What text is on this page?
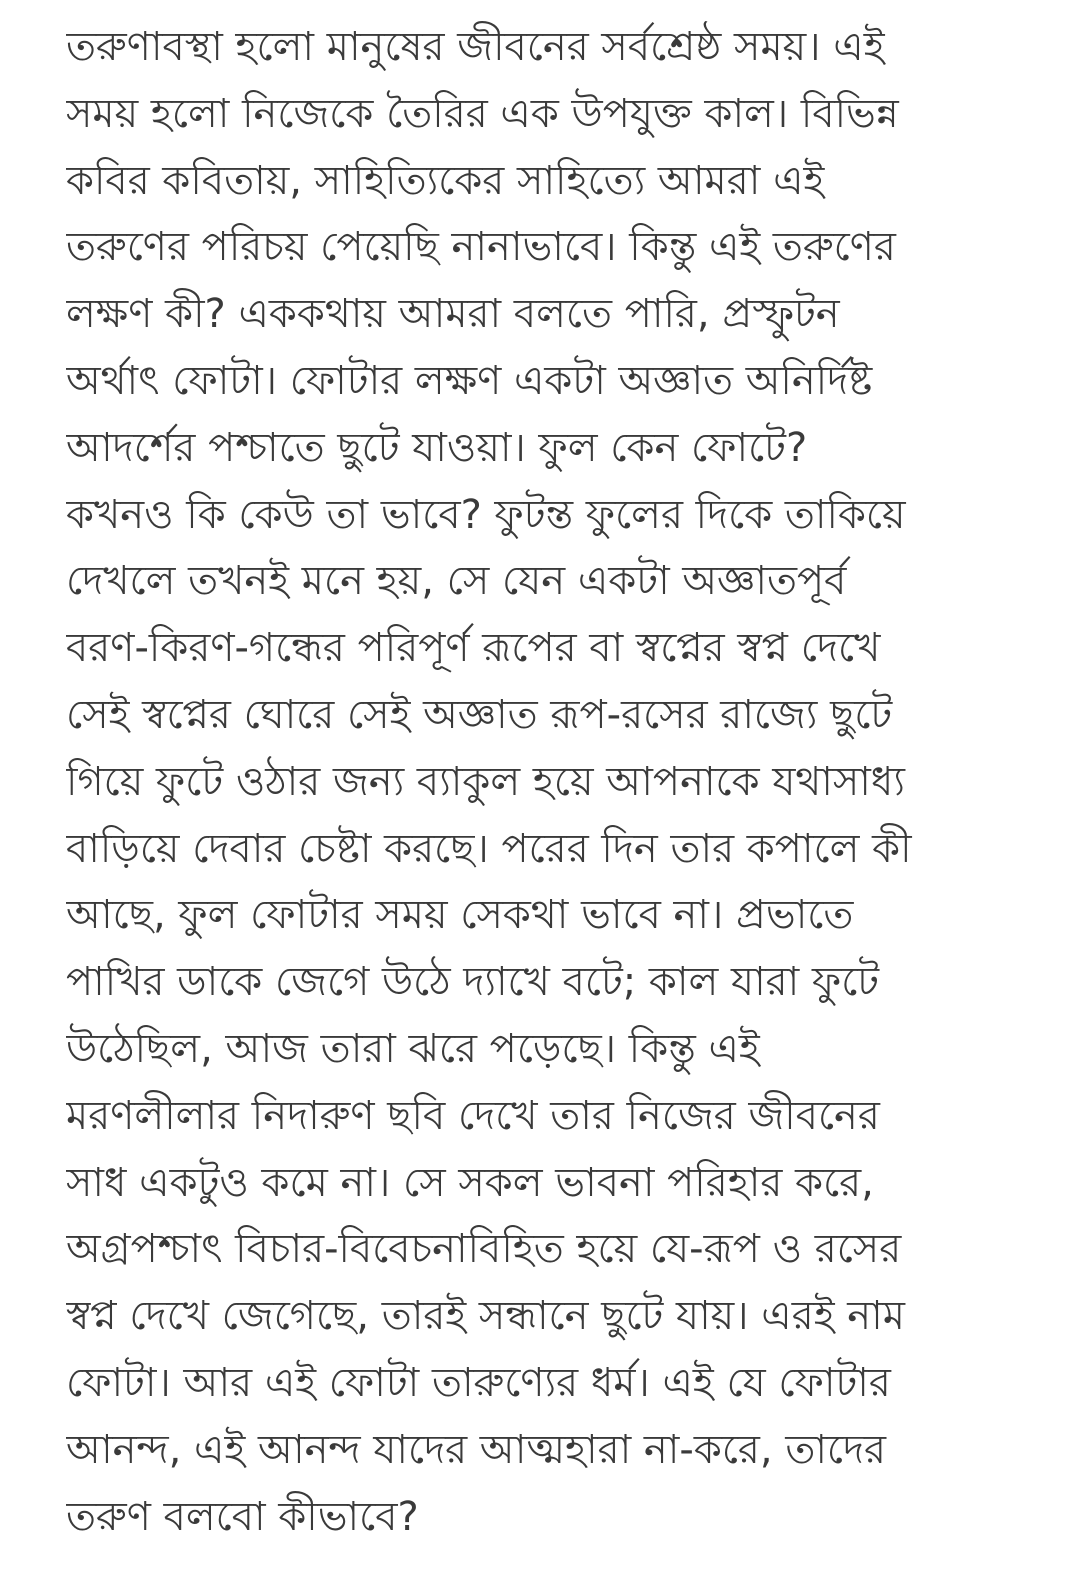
তরুণাবস্থা হলো মানুষের জীবনের সর্বশ্রেষ্ঠ সময়। এই
সময় হলো নিজেকে তৈরির এক উপযুক্ত কাল। বিভিন্ন
কবির কবিতায়, সাহিত্যিকের সাহিত্যে আমরা এই
তরুণের পরিচয় পেয়েছি নানাভাবে। কিন্তু এই তরুণের
লক্ষণ কী? এককথায় আমরা বলতে পারি, প্রস্ফুটন
অর্থাৎ ফোটা। ফোটার লক্ষণ একটা অজ্ঞাত অনির্দিষ্ট
আদর্শের পশ্চাতে ছুটে যাওয়া। ফুল কেন ফোটে?
কখনও কি কেউ তা ভাবে? ফুটন্ত ফুলের দিকে তাকিয়ে
দেখলে তখনই মনে হয়, সে যেন একটা অজ্ঞাতপূর্ব
বরণ-কিরণ-গন্ধের পরিপূর্ণ রূপের বা স্বপ্নের স্বপ্ন দেখে
সেই স্বপ্নের ঘোরে সেই অজ্ঞাত রূপ-রসের রাজ্যে ছুটে
গিয়ে ফুটে ওঠার জন্য ব্যাকুল হয়ে আপনাকে যথাসাধ্য
বাড়িয়ে দেবার চেষ্টা করছে। পরের দিন তার কপালে কী
আছে, ফুল ফোটার সময় সেকথা ভাবে না। প্রভাতে
পাখির ডাকে জেগে উঠে দ্যাখে বটে; কাল যারা ফুটে
উঠেছিল, আজ তারা ঝরে পড়েছে। কিন্তু এই
মরণলীলার নিদারুণ ছবি দেখে তার নিজের জীবনের
সাধ একটুও কমে না। সে সকল ভাবনা পরিহার করে,
অগ্রপশ্চাৎ বিচার-বিবেচনাবিহিত হয়ে যে-রূপ ও রসের
স্বপ্ন দেখে জেগেছে, তারই সন্ধানে ছুটে যায়। এরই নাম
ফোটা। আর এই ফোটা তারুণ্যের ধর্ম। এই যে ফোটার
আনন্দ, এই আনন্দ যাদের আত্মহারা না-করে, তাদের
তরুণ বলবো কীভাবে?
